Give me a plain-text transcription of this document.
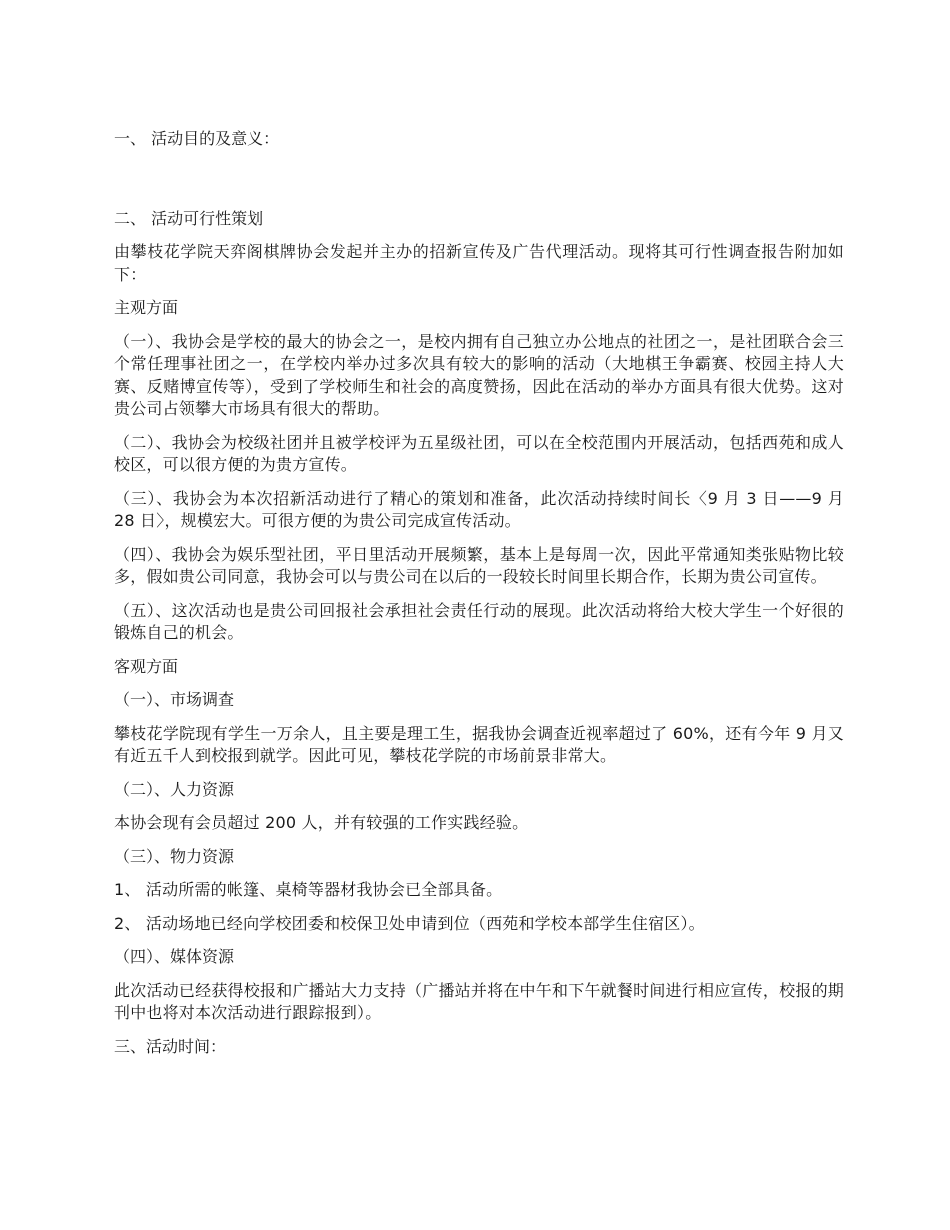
一、 活动目的及意义：

二、 活动可行性策划

由攀枝花学院天弈阁棋牌协会发起并主办的招新宣传及广告代理活动。现将其可行性调查报告附加如下：

主观方面

（一）、我协会是学校的最大的协会之一，是校内拥有自己独立办公地点的社团之一，是社团联合会三个常任理事社团之一，在学校内举办过多次具有较大的影响的活动（大地棋王争霸赛、校园主持人大赛、反赌博宣传等），受到了学校师生和社会的高度赞扬，因此在活动的举办方面具有很大优势。这对贵公司占领攀大市场具有很大的帮助。

（二）、我协会为校级社团并且被学校评为五星级社团，可以在全校范围内开展活动，包括西苑和成人校区，可以很方便的为贵方宣传。

（三）、我协会为本次招新活动进行了精心的策划和准备，此次活动持续时间长〈9 月 3 日——9 月 28 日〉，规模宏大。可很方便的为贵公司完成宣传活动。

（四）、我协会为娱乐型社团，平日里活动开展频繁，基本上是每周一次，因此平常通知类张贴物比较多，假如贵公司同意，我协会可以与贵公司在以后的一段较长时间里长期合作，长期为贵公司宣传。

（五）、这次活动也是贵公司回报社会承担社会责任行动的展现。此次活动将给大校大学生一个好很的锻炼自己的机会。

客观方面

（一）、市场调查

攀枝花学院现有学生一万余人，且主要是理工生，据我协会调查近视率超过了 60%，还有今年 9 月又有近五千人到校报到就学。因此可见，攀枝花学院的市场前景非常大。

（二）、人力资源

本协会现有会员超过 200 人，并有较强的工作实践经验。

（三）、物力资源

1、 活动所需的帐篷、桌椅等器材我协会已全部具备。

2、 活动场地已经向学校团委和校保卫处申请到位（西苑和学校本部学生住宿区）。

（四）、媒体资源

此次活动已经获得校报和广播站大力支持（广播站并将在中午和下午就餐时间进行相应宣传，校报的期刊中也将对本次活动进行跟踪报到）。

三、活动时间：
